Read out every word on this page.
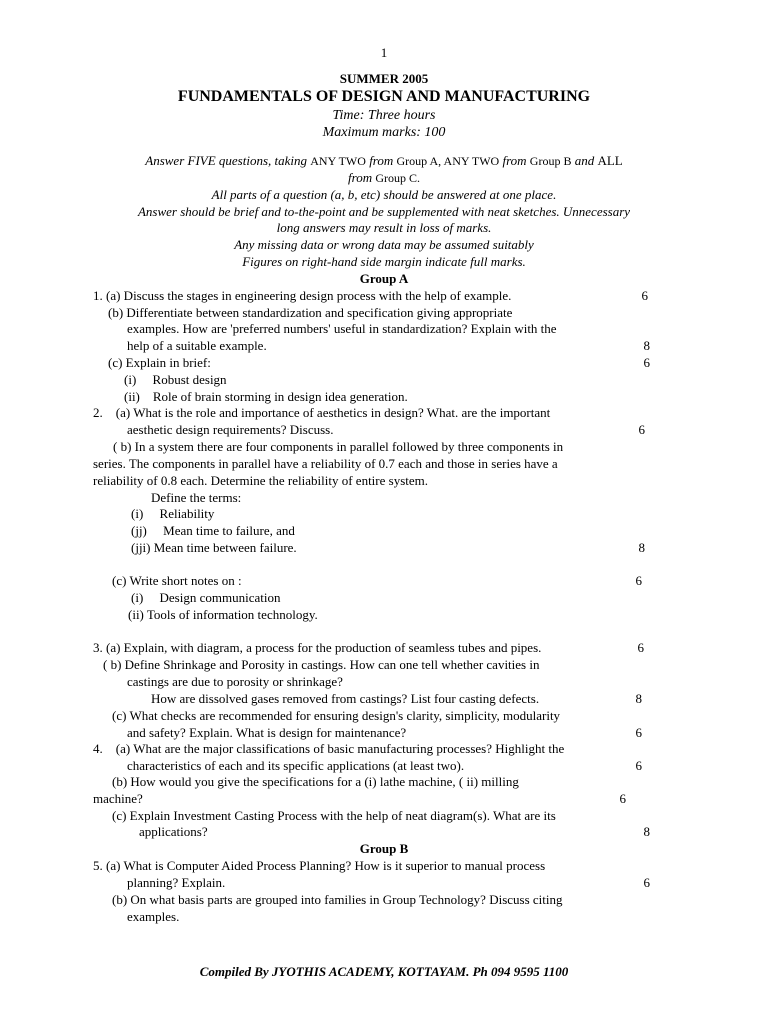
1
SUMMER 2005
FUNDAMENTALS OF DESIGN AND MANUFACTURING
Time: Three hours
Maximum marks: 100
Answer FIVE questions, taking ANY TWO from Group A, ANY TWO from Group B and ALL
from Group C.
All parts of a question (a, b, etc) should be answered at one place.
Answer should be brief and to-the-point and be supplemented with neat sketches. Unnecessary
long answers may result in loss of marks.
Any missing data or wrong data may be assumed suitably
Figures on right-hand side margin indicate full marks.
Group A
1. (a) Discuss the stages in engineering design process with the help of example.	6
(b) Differentiate between standardization and specification giving appropriate
examples. How are 'preferred numbers' useful in standardization? Explain with the
help of a suitable example.	8
(c) Explain in brief:	6
(i)     Robust design
(ii)    Role of brain storming in design idea generation.
2.    (a) What is the role and importance of aesthetics in design? What. are the important
aesthetic design requirements? Discuss.	6
( b) In a system there are four components in parallel followed by three components in
series. The components in parallel have a reliability of 0.7 each and those in series have a
reliability of 0.8 each. Determine the reliability of entire system.
Define the terms:
(i)     Reliability
(jj)     Mean time to failure, and
(jji) Mean time between failure.	8
(c) Write short notes on :	6
(i)     Design communication
(ii) Tools of information technology.
3. (a) Explain, with diagram, a process for the production of seamless tubes and pipes.	6
( b) Define Shrinkage and Porosity in castings. How can one tell whether cavities in
castings are due to porosity or shrinkage?
How are dissolved gases removed from castings? List four casting defects.	8
(c) What checks are recommended for ensuring design's clarity, simplicity, modularity
and safety? Explain. What is design for maintenance?	6
4.    (a) What are the major classifications of basic manufacturing processes? Highlight the
characteristics of each and its specific applications (at least two).	6
(b) How would you give the specifications for a (i) lathe machine, ( ii) milling
machine?	6
(c) Explain Investment Casting Process with the help of neat diagram(s). What are its
applications?	8
Group B
5. (a) What is Computer Aided Process Planning? How is it superior to manual process
planning? Explain.	6
(b) On what basis parts are grouped into families in Group Technology? Discuss citing
examples.
Compiled By JYOTHIS ACADEMY, KOTTAYAM. Ph 094 9595 1100
